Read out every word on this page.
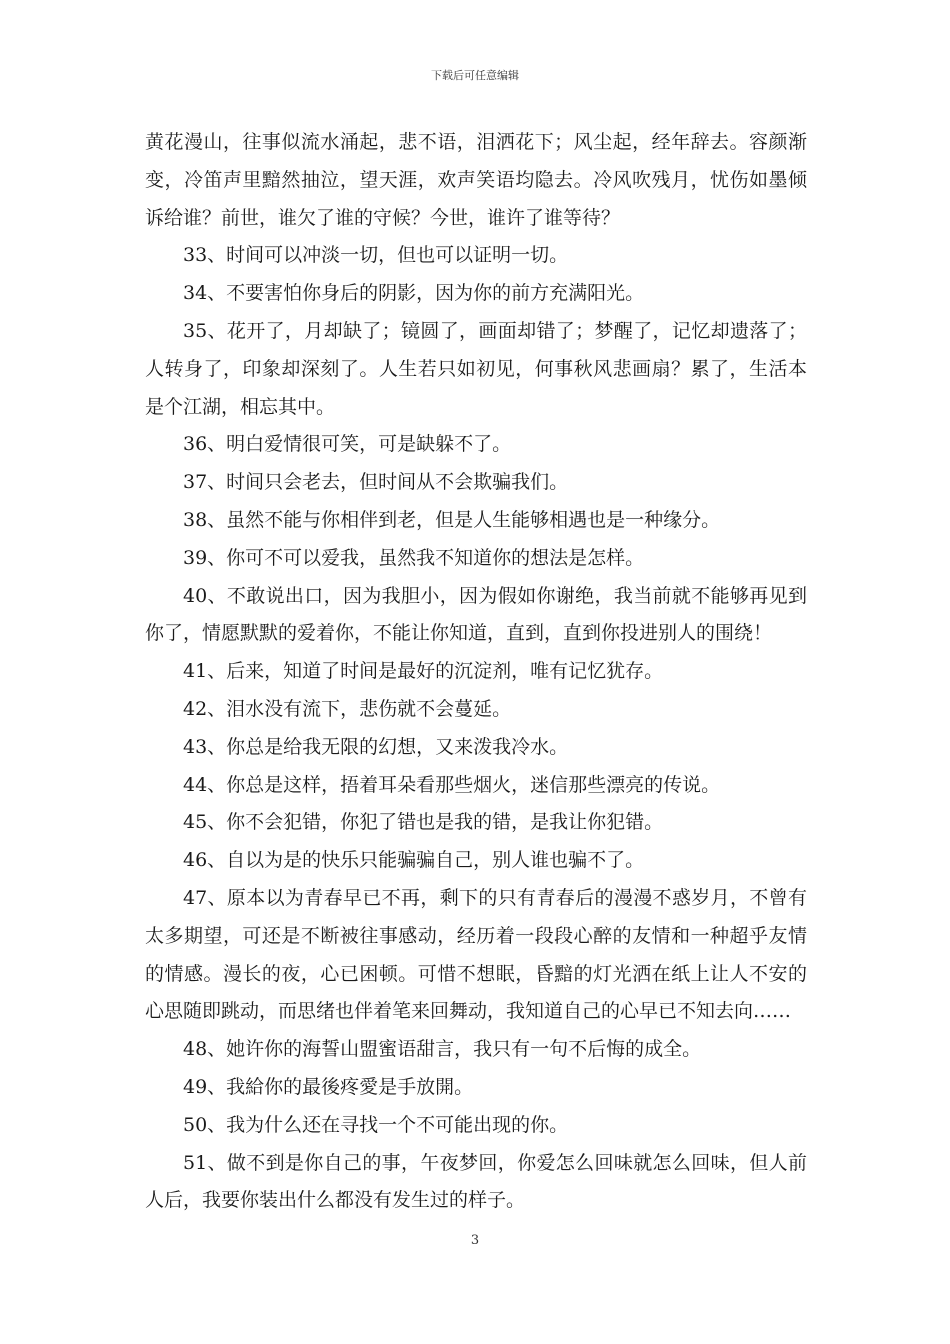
下载后可任意编辑

黄花漫山，往事似流水涌起，悲不语，泪洒花下；风尘起，经年辞去。容颜渐变，冷笛声里黯然抽泣，望天涯，欢声笑语均隐去。冷风吹残月，忧伤如墨倾诉给谁？前世，谁欠了谁的守候？今世，谁许了谁等待？

33、时间可以冲淡一切，但也可以证明一切。

34、不要害怕你身后的阴影，因为你的前方充满阳光。

35、花开了，月却缺了；镜圆了，画面却错了；梦醒了，记忆却遗落了；人转身了，印象却深刻了。人生若只如初见，何事秋风悲画扇？累了，生活本是个江湖，相忘其中。

36、明白爱情很可笑，可是缺躲不了。

37、时间只会老去，但时间从不会欺骗我们。

38、虽然不能与你相伴到老，但是人生能够相遇也是一种缘分。

39、你可不可以爱我，虽然我不知道你的想法是怎样。

40、不敢说出口，因为我胆小，因为假如你谢绝，我当前就不能够再见到你了，情愿默默的爱着你，不能让你知道，直到，直到你投进别人的围绕！

41、后来，知道了时间是最好的沉淀剂，唯有记忆犹存。

42、泪水没有流下，悲伤就不会蔓延。

43、你总是给我无限的幻想，又来泼我冷水。

44、你总是这样，捂着耳朵看那些烟火，迷信那些漂亮的传说。

45、你不会犯错，你犯了错也是我的错，是我让你犯错。

46、自以为是的快乐只能骗骗自己，别人谁也骗不了。

47、原本以为青春早已不再，剩下的只有青春后的漫漫不惑岁月，不曾有太多期望，可还是不断被往事感动，经历着一段段心醉的友情和一种超乎友情的情感。漫长的夜，心已困顿。可惜不想眠，昏黯的灯光洒在纸上让人不安的心思随即跳动，而思绪也伴着笔来回舞动，我知道自己的心早已不知去向……

48、她许你的海誓山盟蜜语甜言，我只有一句不后悔的成全。

49、我給你的最後疼愛是手放開。

50、我为什么还在寻找一个不可能出现的你。

51、做不到是你自己的事，午夜梦回，你爱怎么回味就怎么回味，但人前人后，我要你装出什么都没有发生过的样子。

3
